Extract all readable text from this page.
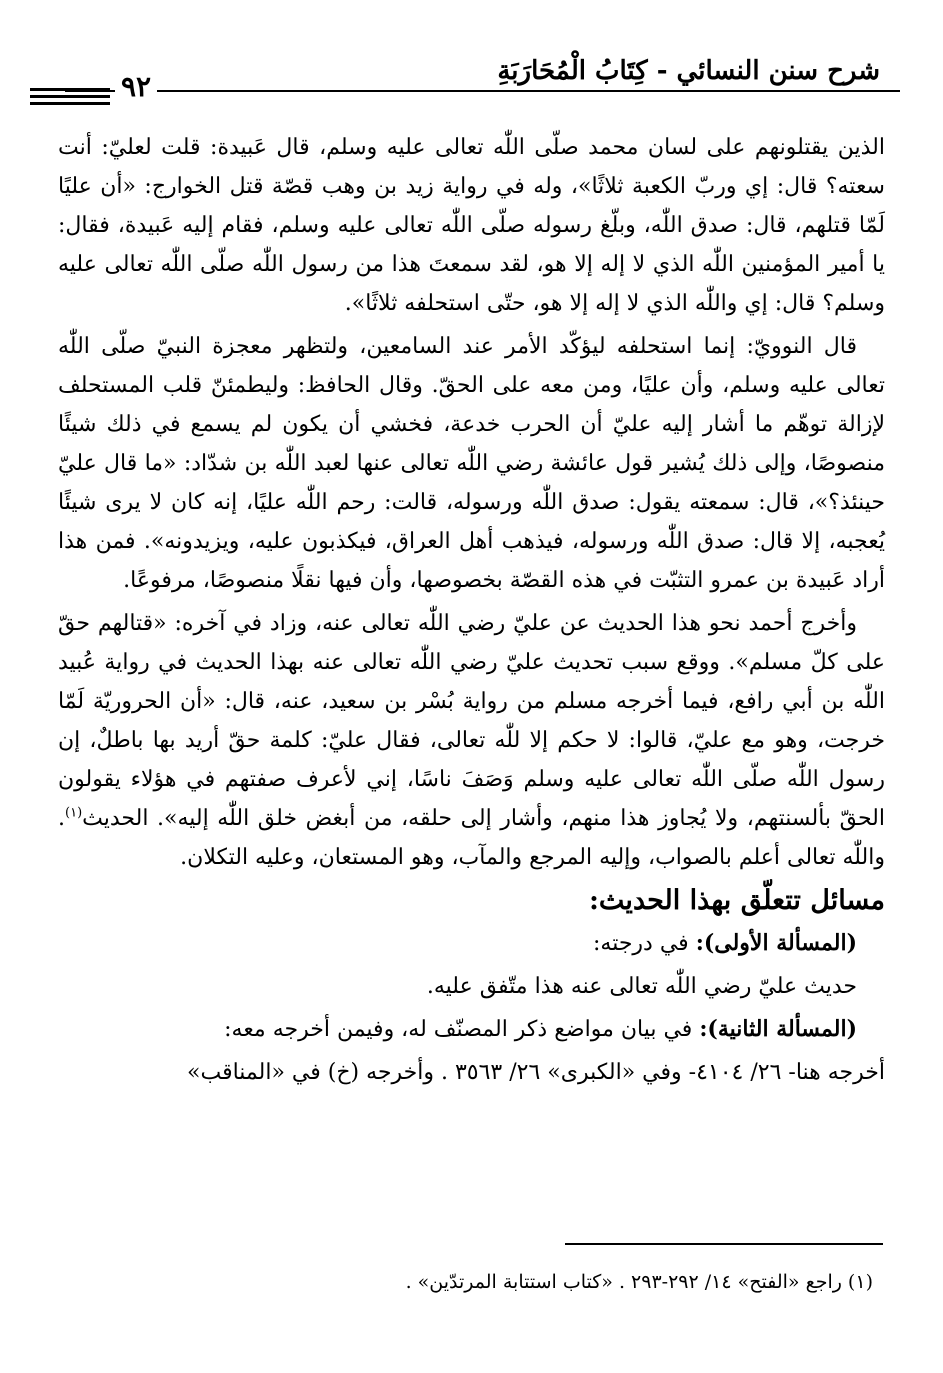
شرح سنن النسائي - كِتَابُ الْمُحَارَبَةِ
٩٢

الذين يقتلونهم على لسان محمد صلّى اللّٰه تعالى عليه وسلم، قال عَبيدة: قلت لعليّ: أنت سعته؟ قال: إي وربّ الكعبة ثلاثًا»، وله في رواية زيد بن وهب قصّة قتل الخوارج: «أن عليًا لَمّا قتلهم، قال: صدق اللّٰه، وبلّغ رسوله صلّى اللّٰه تعالى عليه وسلم، فقام إليه عَبيدة، فقال: يا أمير المؤمنين اللّٰه الذي لا إله إلا هو، لقد سمعتَ هذا من رسول اللّٰه صلّى اللّٰه تعالى عليه وسلم؟ قال: إي واللّٰه الذي لا إله إلا هو، حتّى استحلفه ثلاثًا».

قال النوويّ: إنما استحلفه ليؤكّد الأمر عند السامعين، ولتظهر معجزة النبيّ صلّى اللّٰه تعالى عليه وسلم، وأن عليًا، ومن معه على الحقّ. وقال الحافظ: وليطمئنّ قلب المستحلف لإزالة توهّم ما أشار إليه عليّ أن الحرب خدعة، فخشي أن يكون لم يسمع في ذلك شيئًا منصوصًا، وإلى ذلك يُشير قول عائشة رضي اللّٰه تعالى عنها لعبد اللّٰه بن شدّاد: «ما قال عليّ حينئذ؟»، قال: سمعته يقول: صدق اللّٰه ورسوله، قالت: رحم اللّٰه عليًا، إنه كان لا يرى شيئًا يُعجبه، إلا قال: صدق اللّٰه ورسوله، فيذهب أهل العراق، فيكذبون عليه، ويزيدونه». فمن هذا أراد عَبيدة بن عمرو التثبّت في هذه القصّة بخصوصها، وأن فيها نقلًا منصوصًا، مرفوعًا.

وأخرج أحمد نحو هذا الحديث عن عليّ رضي اللّٰه تعالى عنه، وزاد في آخره: «قتالهم حقّ على كلّ مسلم». ووقع سبب تحديث عليّ رضي اللّٰه تعالى عنه بهذا الحديث في رواية عُبيد اللّٰه بن أبي رافع، فيما أخرجه مسلم من رواية بُسْر بن سعيد، عنه، قال: «أن الحروريّة لَمّا خرجت، وهو مع عليّ، قالوا: لا حكم إلا للّٰه تعالى، فقال عليّ: كلمة حقّ أريد بها باطلٌ، إن رسول اللّٰه صلّى اللّٰه تعالى عليه وسلم وَصَفَ ناسًا، إني لأعرف صفتهم في هؤلاء يقولون الحقّ بألسنتهم، ولا يُجاوز هذا منهم، وأشار إلى حلقه، من أبغض خلق اللّٰه إليه». الحديث$^{(١)}$. واللّٰه تعالى أعلم بالصواب، وإليه المرجع والمآب، وهو المستعان، وعليه التكلان.

مسائل تتعلّق بهذا الحديث:

(المسألة الأولى): في درجته:

حديث عليّ رضي اللّٰه تعالى عنه هذا متّفق عليه.

(المسألة الثانية): في بيان مواضع ذكر المصنّف له، وفيمن أخرجه معه:

أخرجه هنا- ٢٦/ ٤١٠٤- وفي «الكبرى» ٢٦/ ٣٥٦٣ . وأخرجه (خ) في «المناقب»

(١) راجع «الفتح» ١٤/ ٢٩٢-٢٩٣ . «كتاب استتابة المرتدّين» .
